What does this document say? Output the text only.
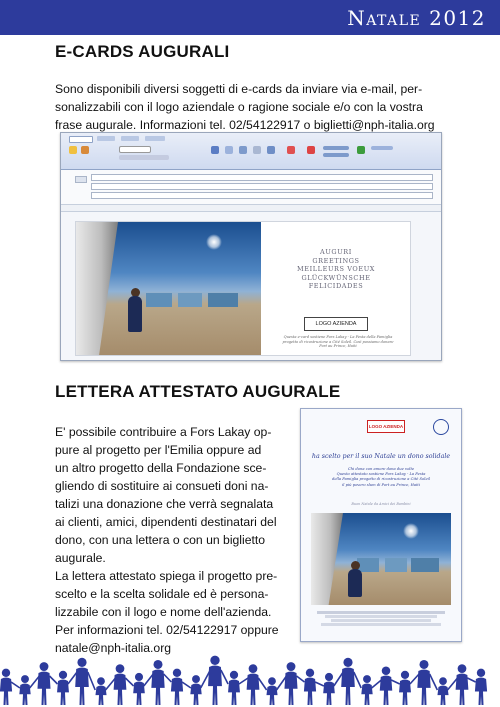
Natale 2012
E-CARDS AUGURALI
Sono disponibili diversi soggetti di e-cards da inviare via e-mail, per-
sonalizzabili con il logo aziendale o ragione sociale e/o con la vostra
frase augurale. Informazioni tel. 02/54122917 o biglietti@nph-italia.org
AUGURI
GREETINGS
MEILLEURS VOEUX
GLÜCKWÜNSCHE
FELICIDADES
LOGO AZIENDA
Questa e-card sostiene Fors Lakay - La Festa della Famiglia
progetto di ricostruzione a Cité Soleil. Così possiamo donare
Port au Prince, Haiti
LETTERA ATTESTATO AUGURALE
E' possibile contribuire a Fors Lakay op-
pure al progetto per l'Emilia oppure ad
un altro progetto della Fondazione sce-
gliendo di sostituire ai consueti doni na-
talizi una donazione che verrà segnalata
ai clienti, amici, dipendenti destinatari del
dono, con una lettera o con un biglietto
augurale.
La lettera attestato spiega il progetto pre-
scelto e la scelta solidale ed è persona-
lizzabile con il logo e nome dell'azienda.
Per informazioni tel. 02/54122917 oppure
natale@nph-italia.org
LOGO AZIENDA
ha scelto per il suo Natale un dono solidale
Chi dona con amore dona due volte
Questo attestato sostiene Fors Lakay - La Festa
della Famiglia progetto di ricostruzione a Cité Soleil
il più povero slum di Port au Prince, Haiti
Buon Natale da Amici dei Bambini
